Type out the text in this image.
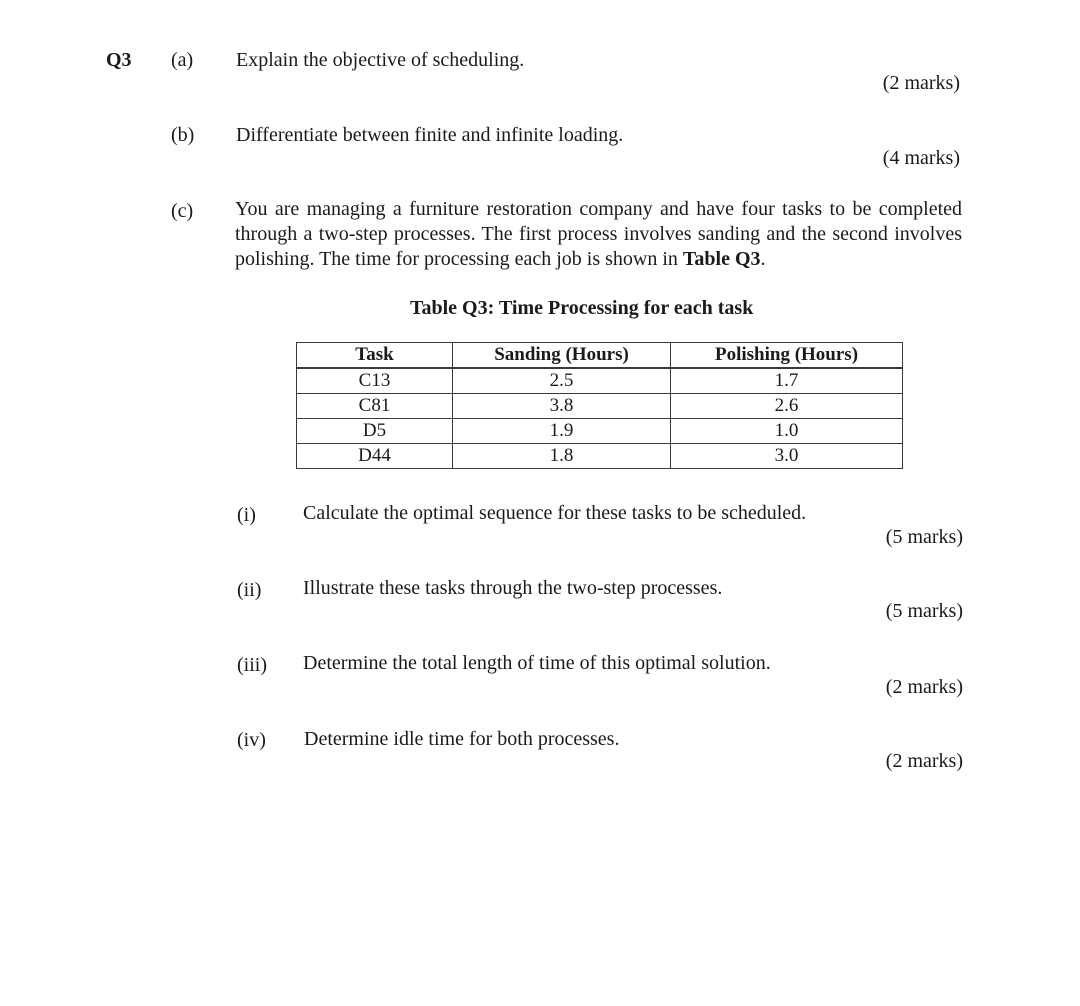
Q3 (a) Explain the objective of scheduling.
(2 marks)
(b) Differentiate between finite and infinite loading.
(4 marks)
(c) You are managing a furniture restoration company and have four tasks to be completed through a two-step processes. The first process involves sanding and the second involves polishing. The time for processing each job is shown in Table Q3.
Table Q3: Time Processing for each task
Task	Sanding (Hours)	Polishing (Hours)
C13	2.5	1.7
C81	3.8	2.6
D5	1.9	1.0
D44	1.8	3.0
(i) Calculate the optimal sequence for these tasks to be scheduled.
(5 marks)
(ii) Illustrate these tasks through the two-step processes.
(5 marks)
(iii) Determine the total length of time of this optimal solution.
(2 marks)
(iv) Determine idle time for both processes.
(2 marks)
